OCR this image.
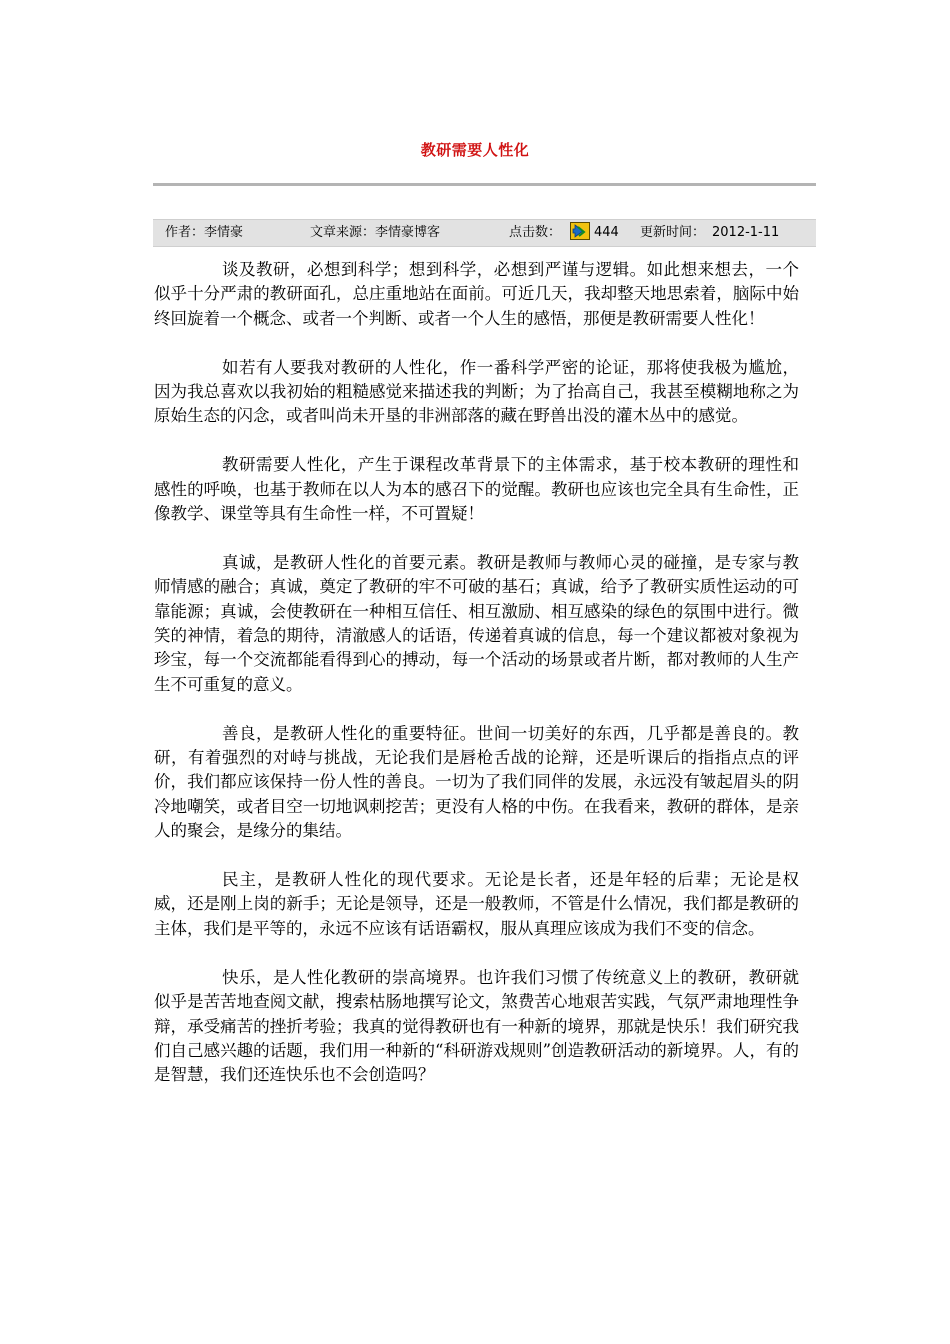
教研需要人性化
作者：李情豪	文章来源：李情豪博客	点击数：	444 更新时间： 2012-1-11

谈及教研，必想到科学；想到科学，必想到严谨与逻辑。如此想来想去，一个似乎十分严肃的教研面孔，总庄重地站在面前。可近几天，我却整天地思索着，脑际中始终回旋着一个概念、或者一个判断、或者一个人生的感悟，那便是教研需要人性化！

如若有人要我对教研的人性化，作一番科学严密的论证，那将使我极为尴尬，因为我总喜欢以我初始的粗糙感觉来描述我的判断；为了抬高自己，我甚至模糊地称之为原始生态的闪念，或者叫尚未开垦的非洲部落的藏在野兽出没的灌木丛中的感觉。

教研需要人性化，产生于课程改革背景下的主体需求，基于校本教研的理性和感性的呼唤，也基于教师在以人为本的感召下的觉醒。教研也应该也完全具有生命性，正像教学、课堂等具有生命性一样，不可置疑！

真诚，是教研人性化的首要元素。教研是教师与教师心灵的碰撞，是专家与教师情感的融合；真诚，奠定了教研的牢不可破的基石；真诚，给予了教研实质性运动的可靠能源；真诚，会使教研在一种相互信任、相互激励、相互感染的绿色的氛围中进行。微笑的神情，着急的期待，清澈感人的话语，传递着真诚的信息，每一个建议都被对象视为珍宝，每一个交流都能看得到心的搏动，每一个活动的场景或者片断，都对教师的人生产生不可重复的意义。

善良，是教研人性化的重要特征。世间一切美好的东西，几乎都是善良的。教研，有着强烈的对峙与挑战，无论我们是唇枪舌战的论辩，还是听课后的指指点点的评价，我们都应该保持一份人性的善良。一切为了我们同伴的发展，永远没有皱起眉头的阴冷地嘲笑，或者目空一切地讽刺挖苦；更没有人格的中伤。在我看来，教研的群体，是亲人的聚会，是缘分的集结。

民主，是教研人性化的现代要求。无论是长者，还是年轻的后辈；无论是权威，还是刚上岗的新手；无论是领导，还是一般教师，不管是什么情况，我们都是教研的主体，我们是平等的，永远不应该有话语霸权，服从真理应该成为我们不变的信念。

快乐，是人性化教研的崇高境界。也许我们习惯了传统意义上的教研，教研就似乎是苦苦地查阅文献，搜索枯肠地撰写论文，煞费苦心地艰苦实践，气氛严肃地理性争辩，承受痛苦的挫折考验；我真的觉得教研也有一种新的境界，那就是快乐！我们研究我们自己感兴趣的话题，我们用一种新的“科研游戏规则”创造教研活动的新境界。人，有的是智慧，我们还连快乐也不会创造吗？
